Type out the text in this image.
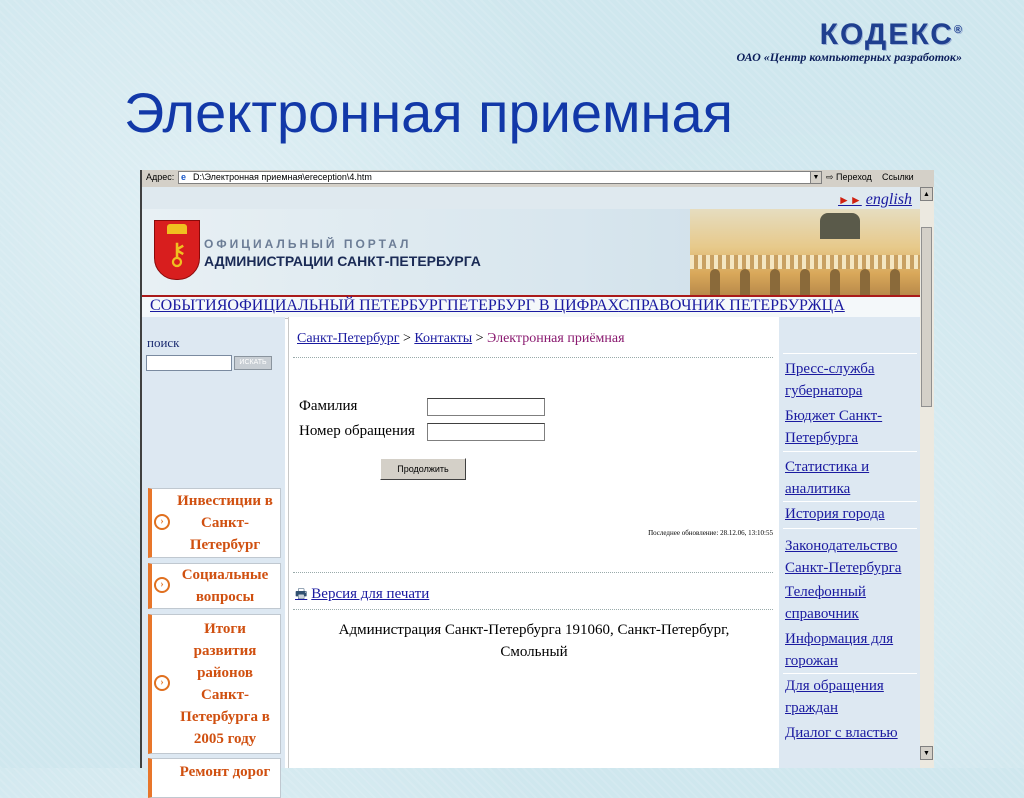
КОДЕКС®
ОАО «Центр компьютерных разработок»
Электронная приемная
Адрес: e D:\Электронная приемная\ereception\4.htm	▼ ⇨ Переход Ссылки
▲
▼
►► english
⚷	ОФИЦИАЛЬНЫЙ ПОРТАЛ
АДМИНИСТРАЦИИ САНКТ-ПЕТЕРБУРГА
СОБЫТИЯОФИЦИАЛЬНЫЙ ПЕТЕРБУРГПЕТЕРБУРГ В ЦИФРАХСПРАВОЧНИК ПЕТЕРБУРЖЦА
поиск
ИСКАТЬ
›
Инвестиции в Санкт-Петербург
›
Социальные вопросы
›
Итоги развития районов Санкт-Петербурга в 2005 году
Ремонт дорог
Санкт-Петербург > Контакты > Электронная приёмная
Фамилия
Номер обращения
Продолжить
Последнее обновление: 28.12.06, 13:10:55
🖶 Версия для печати
Администрация Санкт-Петербурга 191060, Санкт-Петербург, Смольный
Пресс-служба губернатора
Бюджет Санкт-Петербурга
Статистика и аналитика
История города
Законодательство Санкт-Петербурга
Телефонный справочник
Информация для горожан
Для обращения граждан
Диалог с властью
